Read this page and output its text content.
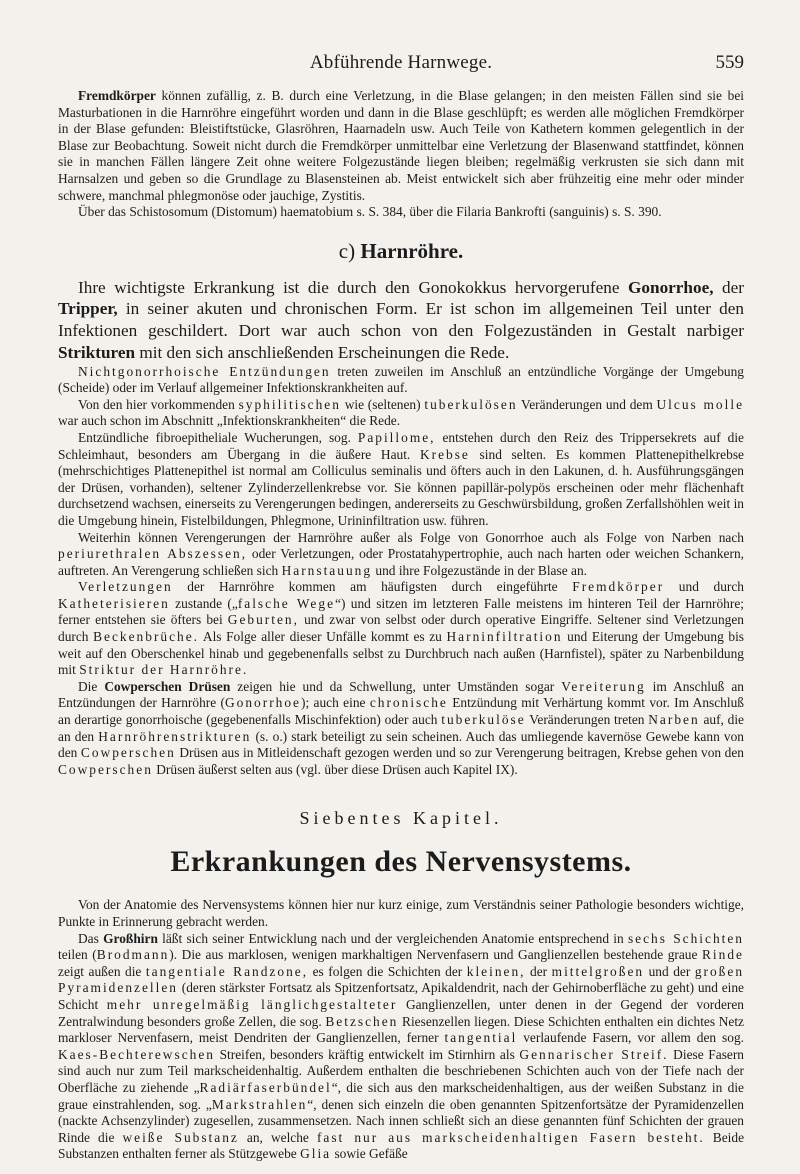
Abführende Harnwege.	559

Fremdkörper können zufällig, z. B. durch eine Verletzung, in die Blase gelangen; in den meisten Fällen sind sie bei Masturbationen in die Harnröhre eingeführt worden und dann in die Blase geschlüpft; es werden alle möglichen Fremdkörper in der Blase gefunden: Bleistiftstücke, Glasröhren, Haarnadeln usw. Auch Teile von Kathetern kommen gelegentlich in der Blase zur Beobachtung. Soweit nicht durch die Fremdkörper unmittelbar eine Verletzung der Blasenwand stattfindet, können sie in manchen Fällen längere Zeit ohne weitere Folgezustände liegen bleiben; regelmäßig verkrusten sie sich dann mit Harnsalzen und geben so die Grundlage zu Blasensteinen ab. Meist entwickelt sich aber frühzeitig eine mehr oder minder schwere, manchmal phlegmonöse oder jauchige, Zystitis.

Über das Schistosomum (Distomum) haematobium s. S. 384, über die Filaria Bankrofti (sanguinis) s. S. 390.

c) Harnröhre.

Ihre wichtigste Erkrankung ist die durch den Gonokokkus hervorgerufene Gonorrhoe, der Tripper, in seiner akuten und chronischen Form. Er ist schon im allgemeinen Teil unter den Infektionen geschildert. Dort war auch schon von den Folgezuständen in Gestalt narbiger Strikturen mit den sich anschließenden Erscheinungen die Rede.

Nichtgonorrhoische Entzündungen treten zuweilen im Anschluß an entzündliche Vorgänge der Umgebung (Scheide) oder im Verlauf allgemeiner Infektionskrankheiten auf.

Von den hier vorkommenden syphilitischen wie (seltenen) tuberkulösen Veränderungen und dem Ulcus molle war auch schon im Abschnitt „Infektionskrankheiten“ die Rede.

Entzündliche fibroepitheliale Wucherungen, sog. Papillome, entstehen durch den Reiz des Trippersekrets auf die Schleimhaut, besonders am Übergang in die äußere Haut. Krebse sind selten. Es kommen Plattenepithelkrebse (mehrschichtiges Plattenepithel ist normal am Colliculus seminalis und öfters auch in den Lakunen, d. h. Ausführungsgängen der Drüsen, vorhanden), seltener Zylinderzellenkrebse vor. Sie können papillär-polypös erscheinen oder mehr flächenhaft durchsetzend wachsen, einerseits zu Verengerungen bedingen, andererseits zu Geschwürsbildung, großen Zerfallshöhlen weit in die Umgebung hinein, Fistelbildungen, Phlegmone, Urininfiltration usw. führen.

Weiterhin können Verengerungen der Harnröhre außer als Folge von Gonorrhoe auch als Folge von Narben nach periurethralen Abszessen, oder Verletzungen, oder Prostatahypertrophie, auch nach harten oder weichen Schankern, auftreten. An Verengerung schließen sich Harnstauung und ihre Folgezustände in der Blase an.

Verletzungen der Harnröhre kommen am häufigsten durch eingeführte Fremdkörper und durch Katheterisieren zustande („falsche Wege“) und sitzen im letzteren Falle meistens im hinteren Teil der Harnröhre; ferner entstehen sie öfters bei Geburten, und zwar von selbst oder durch operative Eingriffe. Seltener sind Verletzungen durch Beckenbrüche. Als Folge aller dieser Unfälle kommt es zu Harninfiltration und Eiterung der Umgebung bis weit auf den Oberschenkel hinab und gegebenenfalls selbst zu Durchbruch nach außen (Harnfistel), später zu Narbenbildung mit Striktur der Harnröhre.

Die Cowperschen Drüsen zeigen hie und da Schwellung, unter Umständen sogar Vereiterung im Anschluß an Entzündungen der Harnröhre (Gonorrhoe); auch eine chronische Entzündung mit Verhärtung kommt vor. Im Anschluß an derartige gonorrhoische (gegebenenfalls Mischinfektion) oder auch tuberkulöse Veränderungen treten Narben auf, die an den Harnröhrenstrikturen (s. o.) stark beteiligt zu sein scheinen. Auch das umliegende kavernöse Gewebe kann von den Cowperschen Drüsen aus in Mitleidenschaft gezogen werden und so zur Verengerung beitragen, Krebse gehen von den Cowperschen Drüsen äußerst selten aus (vgl. über diese Drüsen auch Kapitel IX).

Siebentes Kapitel.
Erkrankungen des Nervensystems.

Von der Anatomie des Nervensystems können hier nur kurz einige, zum Verständnis seiner Pathologie besonders wichtige, Punkte in Erinnerung gebracht werden.

Das Großhirn läßt sich seiner Entwicklung nach und der vergleichenden Anatomie entsprechend in sechs Schichten teilen (Brodmann). Die aus marklosen, wenigen markhaltigen Nervenfasern und Ganglienzellen bestehende graue Rinde zeigt außen die tangentiale Randzone, es folgen die Schichten der kleinen, der mittelgroßen und der großen Pyramidenzellen (deren stärkster Fortsatz als Spitzenfortsatz, Apikaldendrit, nach der Gehirnoberfläche zu geht) und eine Schicht mehr unregelmäßig länglichgestalteter Ganglienzellen, unter denen in der Gegend der vorderen Zentralwindung besonders große Zellen, die sog. Betzschen Riesenzellen liegen. Diese Schichten enthalten ein dichtes Netz markloser Nervenfasern, meist Dendriten der Ganglienzellen, ferner tangential verlaufende Fasern, vor allem den sog. Kaes-Bechterewschen Streifen, besonders kräftig entwickelt im Stirnhirn als Gennarischer Streif. Diese Fasern sind auch nur zum Teil markscheidenhaltig. Außerdem enthalten die beschriebenen Schichten auch von der Tiefe nach der Oberfläche zu ziehende „Radiärfaserbündel“, die sich aus den markscheidenhaltigen, aus der weißen Substanz in die graue einstrahlenden, sog. „Markstrahlen“, denen sich einzeln die oben genannten Spitzenfortsätze der Pyramidenzellen (nackte Achsenzylinder) zugesellen, zusammensetzen. Nach innen schließt sich an diese genannten fünf Schichten der grauen Rinde die weiße Substanz an, welche fast nur aus markscheidenhaltigen Fasern besteht. Beide Substanzen enthalten ferner als Stützgewebe Glia sowie Gefäße
